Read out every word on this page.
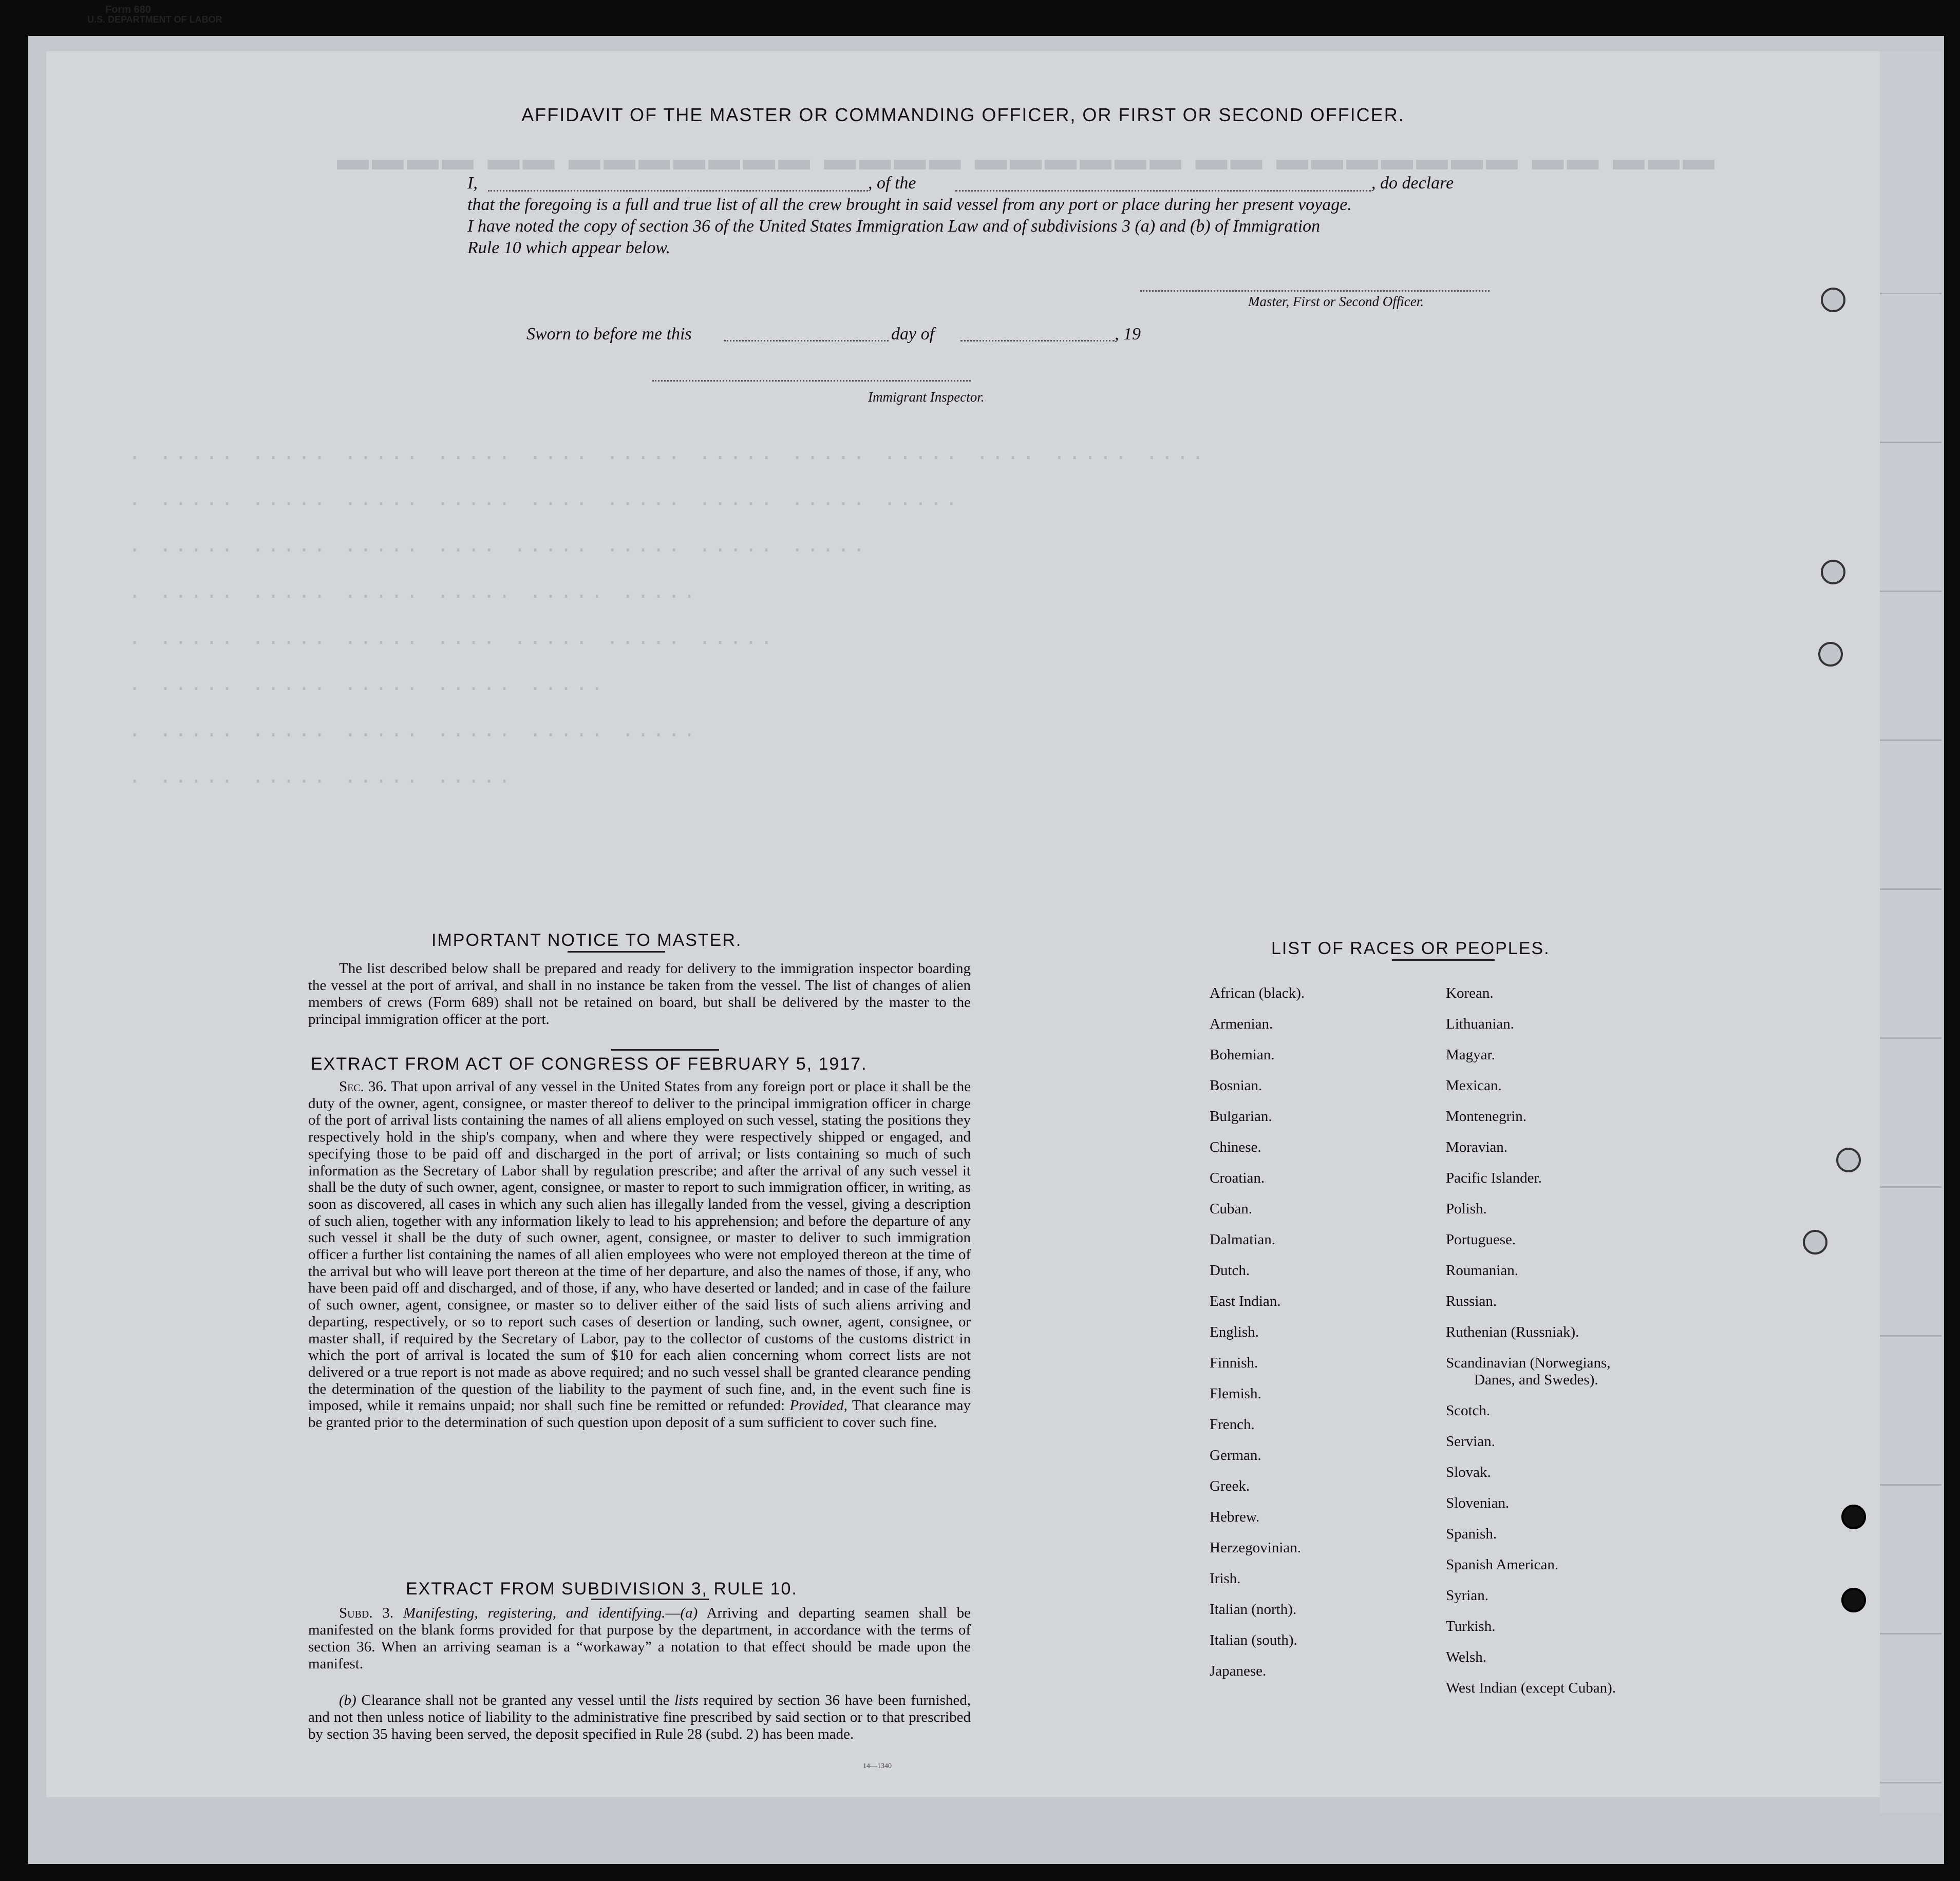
Form 680
U.S. DEPARTMENT OF LABOR
▬▬▬ ▬▬ ▬▬▬▬▬▬▬ ▬▬ ▬▬▬▬▬▬ ▬▬▬▬ ▬▬▬▬▬▬▬ ▬▬ ▬▬▬▬
· ····· ····· ····· ····· ···· ····· ····· ····· ····· ···· ····· ····
· ····· ····· ····· ····· ···· ····· ····· ····· ·····
· ····· ····· ····· ···· ····· ····· ····· ·····
· ····· ····· ····· ····· ····· ·····
· ····· ····· ····· ···· ····· ····· ·····
· ····· ····· ····· ····· ·····
· ····· ····· ····· ····· ····· ·····
· ····· ····· ····· ·····
AFFIDAVIT OF THE MASTER OR COMMANDING OFFICER, OR FIRST OR SECOND OFFICER.
I,	, of the	, do declare
that the foregoing is a full and true list of all the crew brought in said vessel from any port or place during her present voyage.
I have noted the copy of section 36 of the United States Immigration Law and of subdivisions 3 (a) and (b) of Immigration
Rule 10 which appear below.
Master, First or Second Officer.
Sworn to before me this	day of	, 19
Immigrant Inspector.
IMPORTANT NOTICE TO MASTER.
The list described below shall be prepared and ready for delivery to the immigration inspector boarding the vessel at the port of arrival, and shall in no instance be taken from the vessel. The list of changes of alien members of crews (Form 689) shall not be retained on board, but shall be delivered by the master to the principal immigration officer at the port.
EXTRACT FROM ACT OF CONGRESS OF FEBRUARY 5, 1917.
Sec. 36. That upon arrival of any vessel in the United States from any foreign port or place it shall be the duty of the owner, agent, consignee, or master thereof to deliver to the principal immigration officer in charge of the port of arrival lists containing the names of all aliens employed on such vessel, stating the positions they respectively hold in the ship's company, when and where they were respectively shipped or engaged, and specifying those to be paid off and discharged in the port of arrival; or lists containing so much of such information as the Secretary of Labor shall by regulation prescribe; and after the arrival of any such vessel it shall be the duty of such owner, agent, consignee, or master to report to such immigration officer, in writing, as soon as discovered, all cases in which any such alien has illegally landed from the vessel, giving a description of such alien, together with any information likely to lead to his apprehension; and before the departure of any such vessel it shall be the duty of such owner, agent, consignee, or master to deliver to such immigration officer a further list containing the names of all alien employees who were not employed thereon at the time of the arrival but who will leave port thereon at the time of her departure, and also the names of those, if any, who have been paid off and discharged, and of those, if any, who have deserted or landed; and in case of the failure of such owner, agent, consignee, or master so to deliver either of the said lists of such aliens arriving and departing, respectively, or so to report such cases of desertion or landing, such owner, agent, consignee, or master shall, if required by the Secretary of Labor, pay to the collector of customs of the customs district in which the port of arrival is located the sum of $10 for each alien concerning whom correct lists are not delivered or a true report is not made as above required; and no such vessel shall be granted clearance pending the determination of the question of the liability to the payment of such fine, and, in the event such fine is imposed, while it remains unpaid; nor shall such fine be remitted or refunded: Provided, That clearance may be granted prior to the determination of such question upon deposit of a sum sufficient to cover such fine.
EXTRACT FROM SUBDIVISION 3, RULE 10.
Subd. 3. Manifesting, registering, and identifying.—(a) Arriving and departing seamen shall be manifested on the blank forms provided for that purpose by the department, in accordance with the terms of section 36. When an arriving seaman is a “workaway” a notation to that effect should be made upon the manifest.
(b) Clearance shall not be granted any vessel until the lists required by section 36 have been furnished, and not then unless notice of liability to the administrative fine prescribed by said section or to that prescribed by section 35 having been served, the deposit specified in Rule 28 (subd. 2) has been made.
14—1340
LIST OF RACES OR PEOPLES.
African (black).
Armenian.
Bohemian.
Bosnian.
Bulgarian.
Chinese.
Croatian.
Cuban.
Dalmatian.
Dutch.
East Indian.
English.
Finnish.
Flemish.
French.
German.
Greek.
Hebrew.
Herzegovinian.
Irish.
Italian (north).
Italian (south).
Japanese.
Korean.
Lithuanian.
Magyar.
Mexican.
Montenegrin.
Moravian.
Pacific Islander.
Polish.
Portuguese.
Roumanian.
Russian.
Ruthenian (Russniak).
Scandinavian (Norwegians,
Danes, and Swedes).
Scotch.
Servian.
Slovak.
Slovenian.
Spanish.
Spanish American.
Syrian.
Turkish.
Welsh.
West Indian (except Cuban).
